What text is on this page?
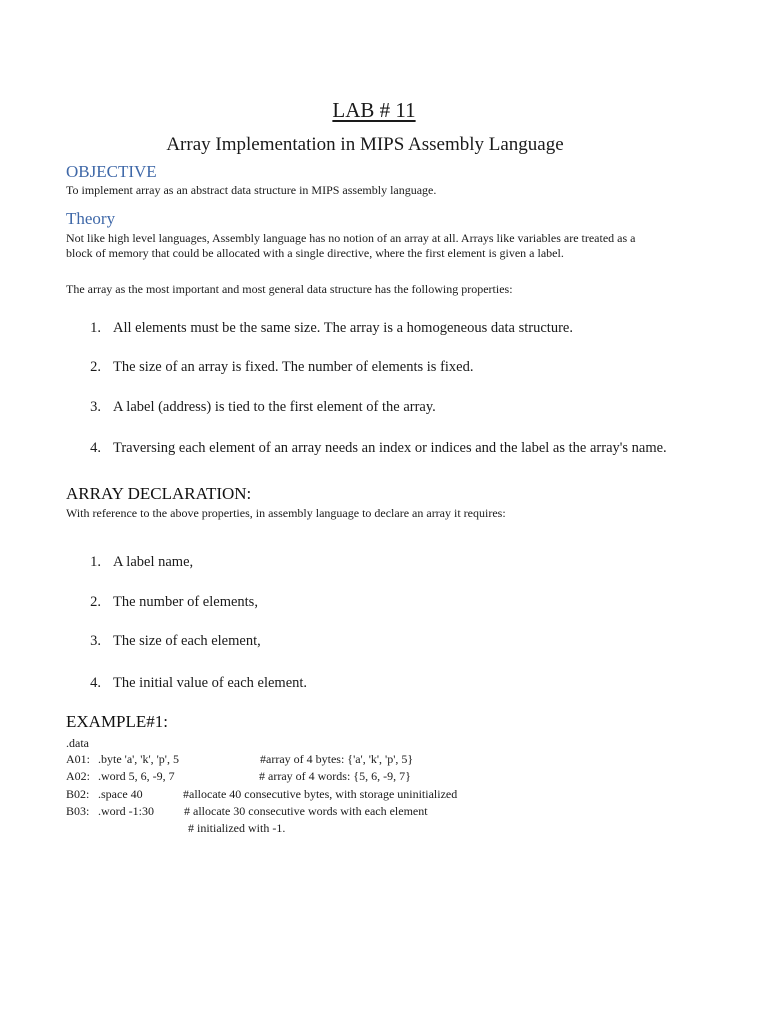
LAB # 11
Array Implementation in MIPS Assembly Language
OBJECTIVE
To implement array as an abstract data structure in MIPS assembly language.
Theory
Not like high level languages, Assembly language has no notion of an array at all. Arrays like variables are treated as a
block of memory that could be allocated with a single directive, where the first element is given a label.
The array as the most important and most general data structure has the following properties:
1. All elements must be the same size. The array is a homogeneous data structure.
2. The size of an array is fixed. The number of elements is fixed.
3. A label (address) is tied to the first element of the array.
4. Traversing each element of an array needs an index or indices and the label as the array's name.
ARRAY DECLARATION:
With reference to the above properties, in assembly language to declare an array it requires:
1. A label name,
2. The number of elements,
3. The size of each element,
4. The initial value of each element.
EXAMPLE#1:
.data
A01: .byte 'a', 'k', 'p', 5	#array of 4 bytes: {'a', 'k', 'p', 5}
A02: .word 5, 6, -9, 7	# array of 4 words: {5, 6, -9, 7}
B02: .space 40	#allocate 40 consecutive bytes, with storage uninitialized
B03: .word -1:30	# allocate 30 consecutive words with each element
# initialized with -1.
